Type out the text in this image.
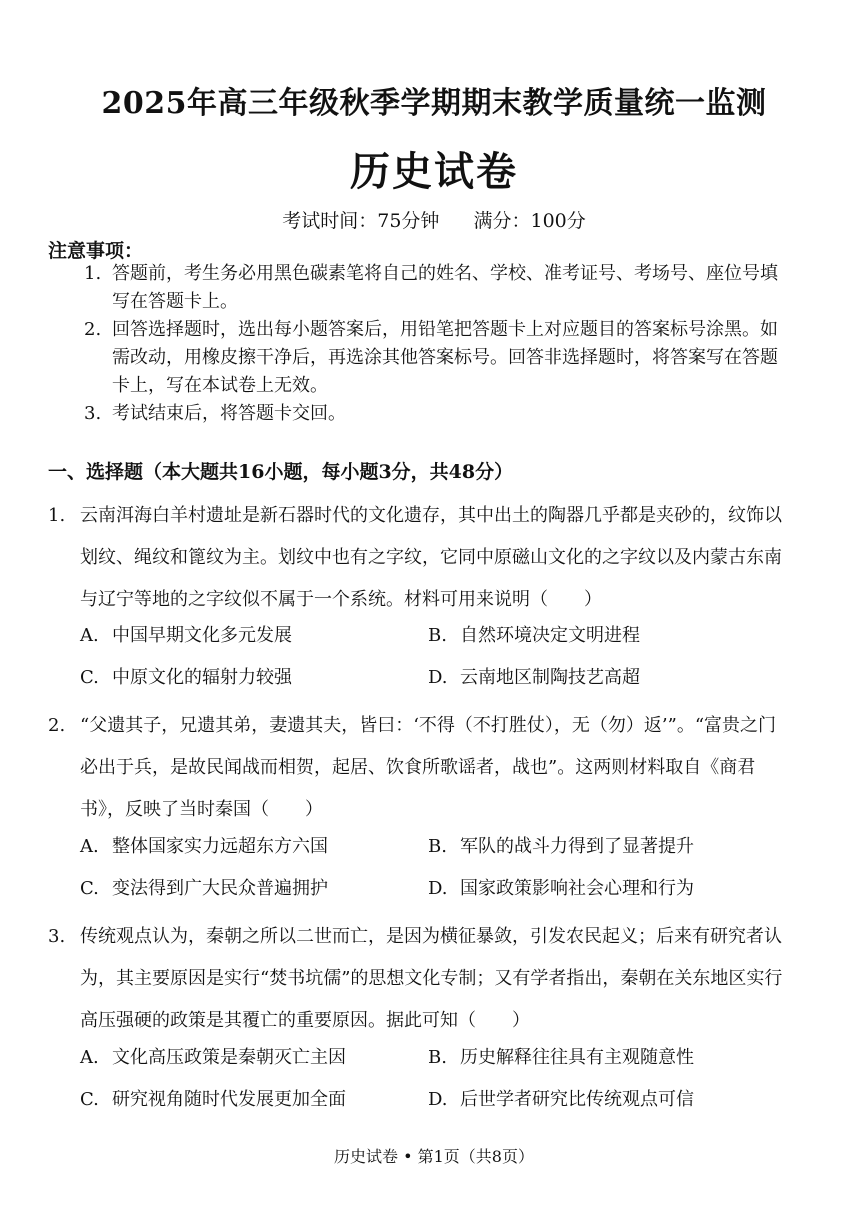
2025年高三年级秋季学期期末教学质量统一监测
历史试卷
考试时间：75分钟 满分：100分
注意事项：
1. 答题前，考生务必用黑色碳素笔将自己的姓名、学校、准考证号、考场号、座位号填写在答题卡上。
2. 回答选择题时，选出每小题答案后，用铅笔把答题卡上对应题目的答案标号涂黑。如需改动，用橡皮擦干净后，再选涂其他答案标号。回答非选择题时，将答案写在答题卡上，写在本试卷上无效。
3. 考试结束后，将答题卡交回。
一、选择题（本大题共16小题，每小题3分，共48分）
1. 云南洱海白羊村遗址是新石器时代的文化遗存，其中出土的陶器几乎都是夹砂的，纹饰以划纹、绳纹和篦纹为主。划纹中也有之字纹，它同中原磁山文化的之字纹以及内蒙古东南与辽宁等地的之字纹似不属于一个系统。材料可用来说明（　　）
A. 中国早期文化多元发展	B. 自然环境决定文明进程
C. 中原文化的辐射力较强	D. 云南地区制陶技艺高超
2. “父遗其子，兄遗其弟，妻遗其夫，皆曰：‘不得（不打胜仗），无（勿）返’”。“富贵之门必出于兵，是故民闻战而相贺，起居、饮食所歌谣者，战也”。这两则材料取自《商君书》，反映了当时秦国（　　）
A. 整体国家实力远超东方六国	B. 军队的战斗力得到了显著提升
C. 变法得到广大民众普遍拥护	D. 国家政策影响社会心理和行为
3. 传统观点认为，秦朝之所以二世而亡，是因为横征暴敛，引发农民起义；后来有研究者认为，其主要原因是实行“焚书坑儒”的思想文化专制；又有学者指出，秦朝在关东地区实行高压强硬的政策是其覆亡的重要原因。据此可知（　　）
A. 文化高压政策是秦朝灭亡主因	B. 历史解释往往具有主观随意性
C. 研究视角随时代发展更加全面	D. 后世学者研究比传统观点可信
历史试卷 • 第1页（共8页）
